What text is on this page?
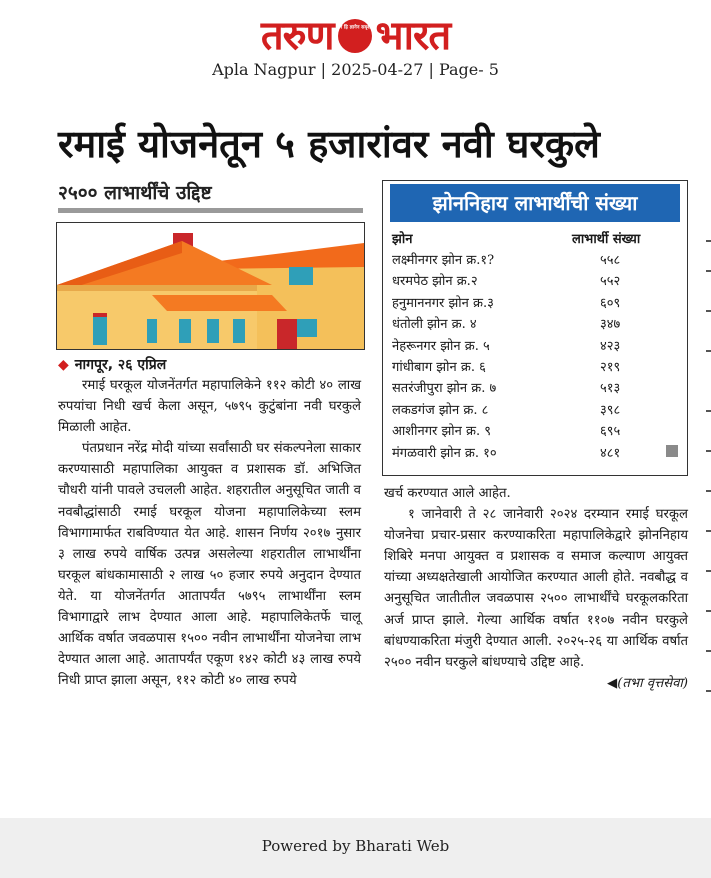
तरुण न हि ज्ञानेन सदृशं भारत
Apla Nagpur | 2025-04-27 | Page- 5
रमाई योजनेतून ५ हजारांवर नवी घरकुले
२५०० लाभार्थींचे उद्दिष्ट
◆ नागपूर, २६ एप्रिल

रमाई घरकूल योजनेंतर्गत महापालिकेने ११२ कोटी ४० लाख रुपयांचा निधी खर्च केला असून, ५७९५ कुटुंबांना नवी घरकुले मिळाली आहेत.

पंतप्रधान नरेंद्र मोदी यांच्या सर्वांसाठी घर संकल्पनेला साकार करण्यासाठी महापालिका आयुक्त व प्रशासक डॉ. अभिजित चौधरी यांनी पावले उचलली आहेत. शहरातील अनुसूचित जाती व नवबौद्धांसाठी रमाई घरकूल योजना महापालिकेच्या स्लम विभागामार्फत राबविण्यात येत आहे. शासन निर्णय २०१७ नुसार ३ लाख रुपये वार्षिक उत्पन्न असलेल्या शहरातील लाभार्थींना घरकूल बांधकामासाठी २ लाख ५० हजार रुपये अनुदान देण्यात येते. या योजनेंतर्गत आतापर्यंत ५७९५ लाभार्थींना स्लम विभागाद्वारे लाभ देण्यात आला आहे. महापालिकेतर्फे चालू आर्थिक वर्षात जवळपास १५०० नवीन लाभार्थींना योजनेचा लाभ देण्यात आला आहे. आतापर्यंत एकूण १४२ कोटी ४३ लाख रुपये निधी प्राप्त झाला असून, ११२ कोटी ४० लाख रुपये

झोननिहाय लाभार्थींची संख्या
झोन	लाभार्थी संख्या
लक्ष्मीनगर झोन क्र.१?	५५८
धरमपेठ झोन क्र.२	५५२
हनुमाननगर झोन क्र.३	६०९
धंतोली झोन क्र. ४	३४७
नेहरूनगर झोन क्र. ५	४२३
गांधीबाग झोन क्र. ६	२१९
सतरंजीपुरा झोन क्र. ७	५१३
लकडगंज झोन क्र. ८	३९८
आशीनगर झोन क्र. ९	६९५
मंगळवारी झोन क्र. १०	४८१

खर्च करण्यात आले आहेत.

१ जानेवारी ते २८ जानेवारी २०२४ दरम्यान रमाई घरकूल योजनेचा प्रचार-प्रसार करण्याकरिता महापालिकेद्वारे झोननिहाय शिबिरे मनपा आयुक्त व प्रशासक व समाज कल्याण आयुक्त यांच्या अध्यक्षतेखाली आयोजित करण्यात आली होते. नवबौद्ध व अनुसूचित जातीतील जवळपास २५०० लाभार्थींचे घरकूलकरिता अर्ज प्राप्त झाले. गेल्या आर्थिक वर्षात ११०७ नवीन घरकुले बांधण्याकरिता मंजुरी देण्यात आली. २०२५-२६ या आर्थिक वर्षात २५०० नवीन घरकुले बांधण्याचे उद्दिष्ट आहे.

◀(तभा वृत्तसेवा)
Powered by Bharati Web
